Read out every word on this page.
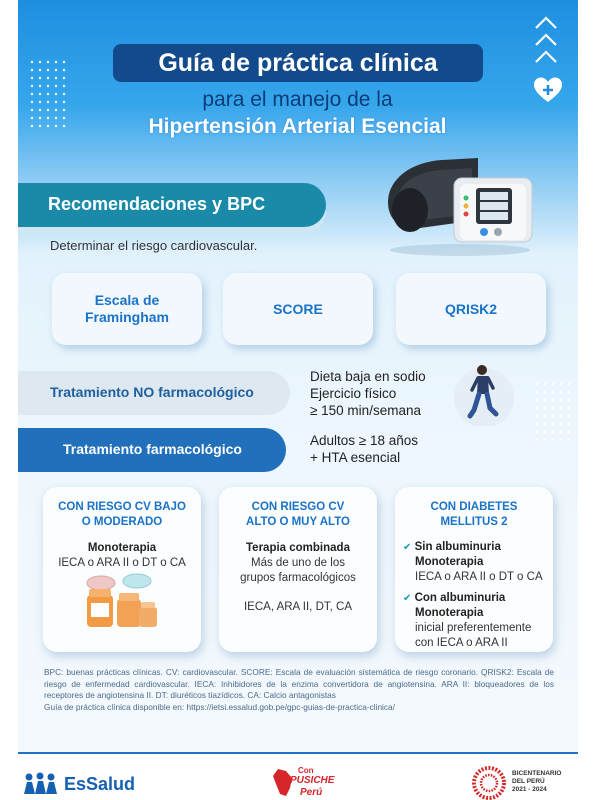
Guía de práctica clínica
para el manejo de la
Hipertensión Arterial Esencial
Recomendaciones y BPC
Determinar el riesgo cardiovascular.
Escala de
Framingham
SCORE	QRISK2
Tratamiento NO farmacológico
Dieta baja en sodio
Ejercicio físico
≥ 150 min/semana
Tratamiento farmacológico
Adultos ≥ 18 años
+ HTA esencial
CON RIESGO CV BAJO
O MODERADO
Monoterapia
IECA o ARA II o DT o CA
CON RIESGO CV
ALTO O MUY ALTO
Terapia combinada
Más de uno de los
grupos farmacológicos
IECA, ARA II, DT, CA
CON DIABETES
MELLITUS 2
✔ Sin albuminuria

Monoterapia
IECA o ARA II o DT o CA
✔ Con albuminuria
Monoterapia
inicial preferentemente
con IECA o ARA II
BPC: buenas prácticas clínicas. CV: cardiovascular. SCORE: Escala de evaluación sistemática de riesgo coronario. QRISK2: Escala de riesgo de enfermedad cardiovascular. IECA: Inhibidores de la enzima convertidora de angiotensina. ARA II: bloqueadores de los receptores de angiotensina II. DT: diuréticos tiazídicos. CA: Calcio antagonistas
Guía de práctica clínica disponible en: https://ietsi.essalud.gob.pe/gpc-guias-de-practica-clinica/
EsSalud
Con
PUSICHE
Perú
BICENTENARIO
DEL PERÚ
2021 - 2024
